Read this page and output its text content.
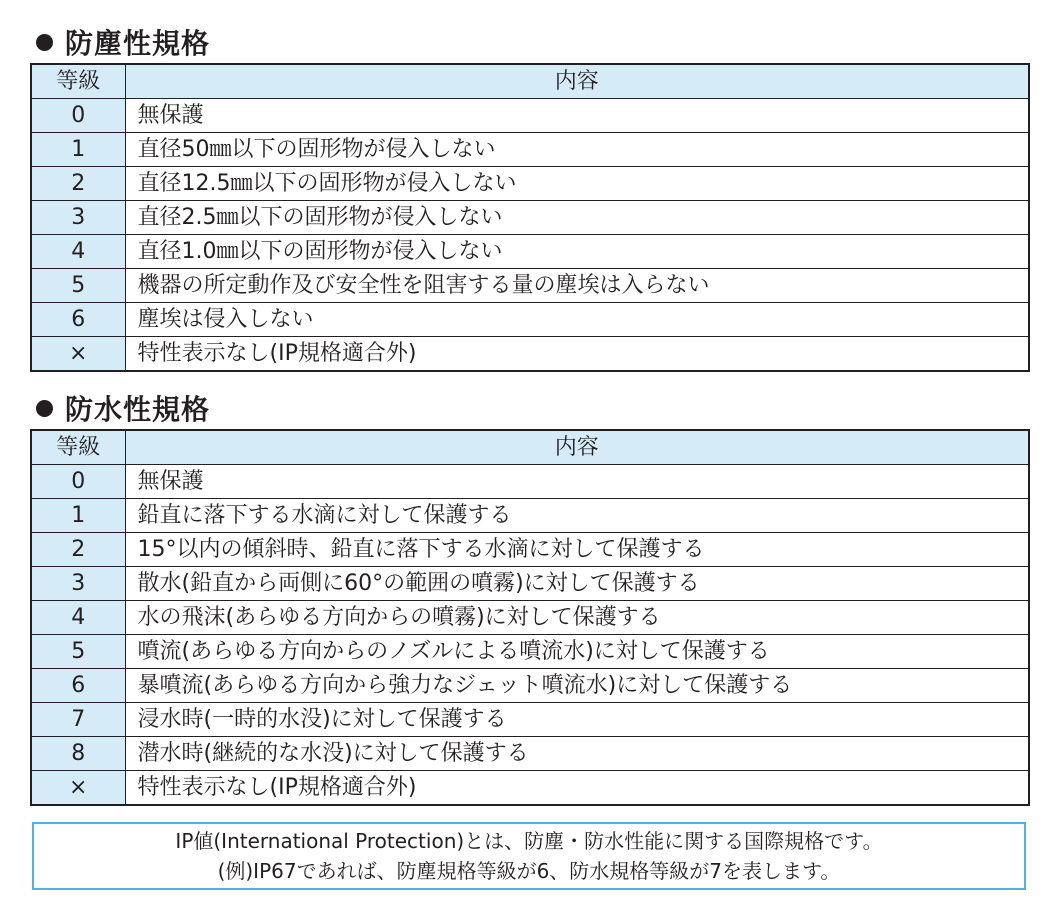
防塵性規格
等級	内容
0	無保護
1	直径50㎜以下の固形物が侵入しない
2	直径12.5㎜以下の固形物が侵入しない
3	直径2.5㎜以下の固形物が侵入しない
4	直径1.0㎜以下の固形物が侵入しない
5	機器の所定動作及び安全性を阻害する量の塵埃は入らない
6	塵埃は侵入しない
×	特性表示なし(IP規格適合外)
防水性規格
等級	内容
0	無保護
1	鉛直に落下する水滴に対して保護する
2	15°以内の傾斜時、鉛直に落下する水滴に対して保護する
3	散水(鉛直から両側に60°の範囲の噴霧)に対して保護する
4	水の飛沫(あらゆる方向からの噴霧)に対して保護する
5	噴流(あらゆる方向からのノズルによる噴流水)に対して保護する
6	暴噴流(あらゆる方向から強力なジェット噴流水)に対して保護する
7	浸水時(一時的水没)に対して保護する
8	潜水時(継続的な水没)に対して保護する
×	特性表示なし(IP規格適合外)

IP値(International Protection)とは、防塵・防水性能に関する国際規格です。

(例)IP67であれば、防塵規格等級が6、防水規格等級が7を表します。
